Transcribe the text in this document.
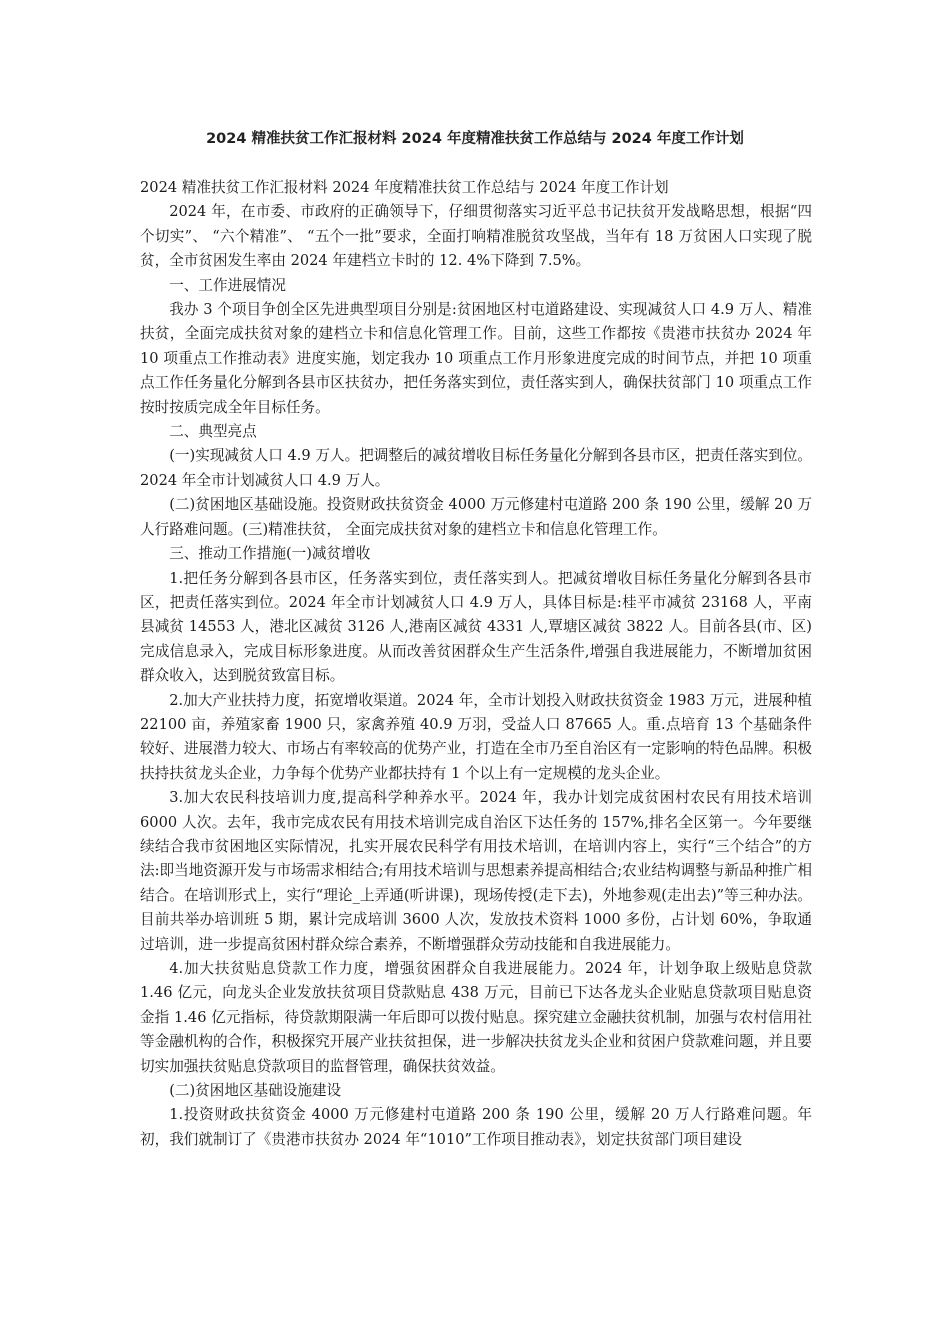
2024 精准扶贫工作汇报材料 2024 年度精准扶贫工作总结与 2024 年度工作计划

2024 精准扶贫工作汇报材料 2024 年度精准扶贫工作总结与 2024 年度工作计划

2024 年，在市委、市政府的正确领导下，仔细贯彻落实习近平总书记扶贫开发战略思想，根据“四个切实”、 “六个精准”、 “五个一批”要求，全面打响精准脱贫攻坚战，当年有 18 万贫困人口实现了脱贫，全市贫困发生率由 2024 年建档立卡时的 12. 4%下降到 7.5%。

一、工作进展情况

我办 3 个项目争创全区先进典型项目分别是:贫困地区村屯道路建设、实现减贫人口 4.9 万人、精准扶贫，全面完成扶贫对象的建档立卡和信息化管理工作。目前，这些工作都按《贵港市扶贫办 2024 年 10 项重点工作推动表》进度实施，划定我办 10 项重点工作月形象进度完成的时间节点，并把 10 项重点工作任务量化分解到各县市区扶贫办，把任务落实到位，责任落实到人，确保扶贫部门 10 项重点工作按时按质完成全年目标任务。

二、典型亮点

(一)实现减贫人口 4.9 万人。把调整后的减贫增收目标任务量化分解到各县市区，把责任落实到位。2024 年全市计划减贫人口 4.9 万人。

(二)贫困地区基础设施。投资财政扶贫资金 4000 万元修建村屯道路 200 条 190 公里，缓解 20 万人行路难问题。(三)精准扶贫， 全面完成扶贫对象的建档立卡和信息化管理工作。

三、推动工作措施(一)减贫增收

1.把任务分解到各县市区，任务落实到位，责任落实到人。把减贫增收目标任务量化分解到各县市区，把责任落实到位。2024 年全市计划减贫人口 4.9 万人，具体目标是:桂平市减贫 23168 人，平南县减贫 14553 人，港北区减贫 3126 人,港南区减贫 4331 人,覃塘区减贫 3822 人。目前各县(市、区)完成信息录入，完成目标形象进度。从而改善贫困群众生产生活条件,增强自我进展能力，不断增加贫困群众收入，达到脱贫致富目标。

2.加大产业扶持力度，拓宽增收渠道。2024 年，全市计划投入财政扶贫资金 1983 万元，进展种植 22100 亩，养殖家畜 1900 只，家禽养殖 40.9 万羽，受益人口 87665 人。重.点培育 13 个基础条件较好、进展潜力较大、市场占有率较高的优势产业，打造在全市乃至自治区有一定影响的特色品牌。积极扶持扶贫龙头企业，力争每个优势产业都扶持有 1 个以上有一定规模的龙头企业。

3.加大农民科技培训力度,提高科学种养水平。2024 年，我办计划完成贫困村农民有用技术培训 6000 人次。去年，我市完成农民有用技术培训完成自治区下达任务的 157%,排名全区第一。今年要继续结合我市贫困地区实际情况，扎实开展农民科学有用技术培训，在培训内容上，实行“三个结合”的方法:即当地资源开发与市场需求相结合;有用技术培训与思想素养提高相结合;农业结构调整与新品种推广相结合。在培训形式上，实行“理论_上弄通(听讲课)，现场传授(走下去)，外地参观(走出去)”等三种办法。目前共举办培训班 5 期，累计完成培训 3600 人次，发放技术资料 1000 多份，占计划 60%，争取通过培训，进一步提高贫困村群众综合素养，不断增强群众劳动技能和自我进展能力。

4.加大扶贫贴息贷款工作力度，增强贫困群众自我进展能力。2024 年，计划争取上级贴息贷款 1.46 亿元，向龙头企业发放扶贫项目贷款贴息 438 万元，目前已下达各龙头企业贴息贷款项目贴息资金指 1.46 亿元指标，待贷款期限满一年后即可以拨付贴息。探究建立金融扶贫机制，加强与农村信用社等金融机构的合作，积极探究开展产业扶贫担保，进一步解决扶贫龙头企业和贫困户贷款难问题，并且要切实加强扶贫贴息贷款项目的监督管理，确保扶贫效益。

(二)贫困地区基础设施建设

1.投资财政扶贫资金 4000 万元修建村屯道路 200 条 190 公里，缓解 20 万人行路难问题。年初，我们就制订了《贵港市扶贫办 2024 年“1010”工作项目推动表》，划定扶贫部门项目建设
